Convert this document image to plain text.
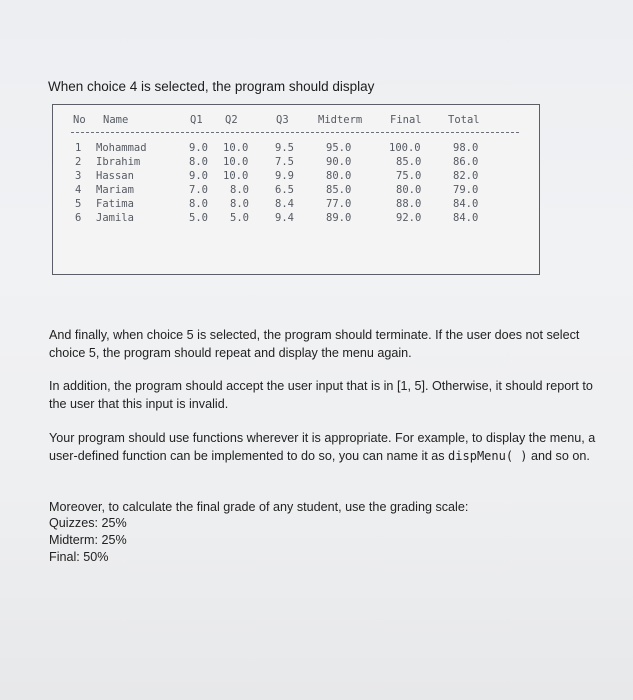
When choice 4 is selected, the program should display

No Name	Q1 Q2	Q3	Midterm	Final	Total
1 Mohammad	9.0 10.0	9.5	95.0	100.0	98.0
2 Ibrahim	8.0 10.0	7.5	90.0	85.0	86.0
3 Hassan	9.0 10.0	9.9	80.0	75.0	82.0
4 Mariam	7.0 8.0 6.5	85.0	80.0	79.0
5 Fatima	8.0 8.0 8.4	77.0	88.0	84.0
6 Jamila	5.0 5.0 9.4	89.0	92.0	84.0

And finally, when choice 5 is selected, the program should terminate. If the user does not select choice 5, the program should repeat and display the menu again.

In addition, the program should accept the user input that is in [1, 5]. Otherwise, it should report to the user that this input is invalid.

Your program should use functions wherever it is appropriate. For example, to display the menu, a user-defined function can be implemented to do so, you can name it as dispMenu( ) and so on.

Moreover, to calculate the final grade of any student, use the grading scale:

Quizzes: 25%

Midterm: 25%

Final: 50%
